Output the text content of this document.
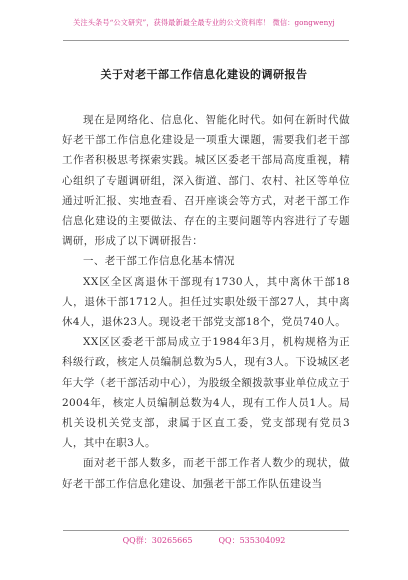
关注头条号“公文研究”，获得最新最全最专业的公文资料库！ 微信：gongwenyj
关于对老干部工作信息化建设的调研报告

现在是网络化、信息化、智能化时代。如何在新时代做好老干部工作信息化建设是一项重大课题，需要我们老干部工作者积极思考探索实践。城区区委老干部局高度重视，精心组织了专题调研组，深入街道、部门、农村、社区等单位通过听汇报、实地查看、召开座谈会等方式，对老干部工作信息化建设的主要做法、存在的主要问题等内容进行了专题调研，形成了以下调研报告：

一、老干部工作信息化基本情况

XX区全区离退休干部现有1730人，其中离休干部18人，退休干部1712人。担任过实职处级干部27人，其中离休4人，退休23人。现设老干部党支部18个，党员740人。

XX区区委老干部局成立于1984年3月，机构规格为正科级行政，核定人员编制总数为5人，现有3人。下设城区老年大学（老干部活动中心），为股级全额拨款事业单位成立于2004年，核定人员编制总数为4人，现有工作人员1人。局机关设机关党支部，隶属于区直工委，党支部现有党员3人，其中在职3人。

面对老干部人数多，而老干部工作者人数少的现状，做好老干部工作信息化建设、加强老干部工作队伍建设当

QQ群：30265665	QQ：535304092
